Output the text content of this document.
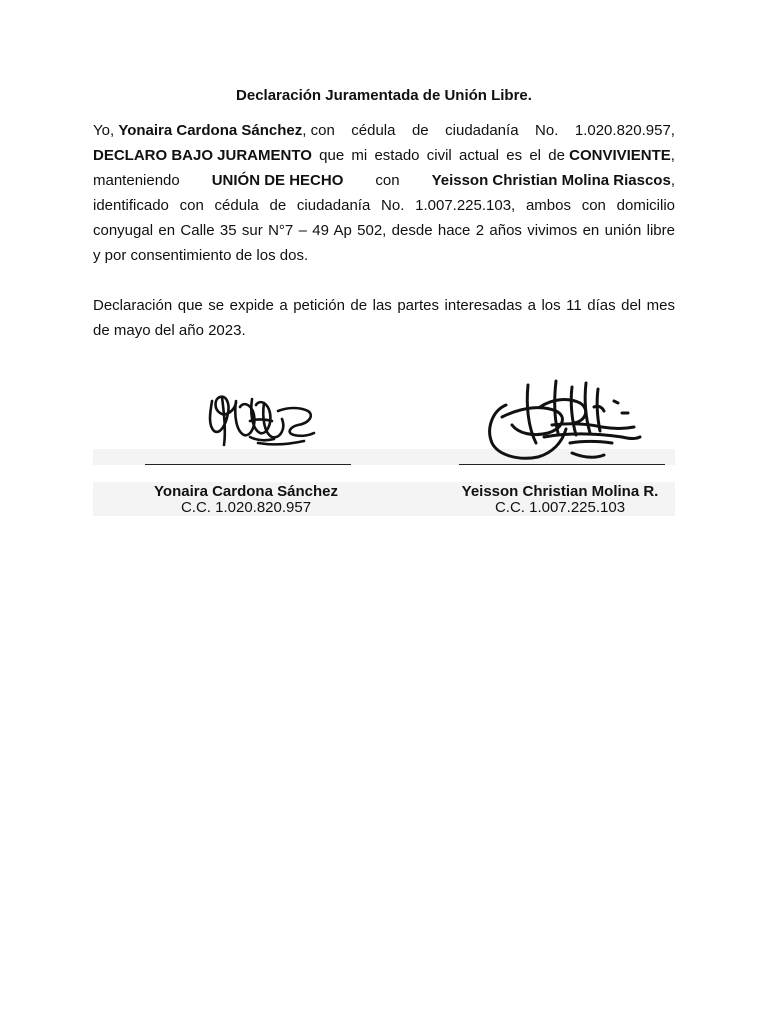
Declaración Juramentada de Unión Libre.
Yo, Yonaira Cardona Sánchez, con cédula de ciudadanía No. 1.020.820.957,
DECLARO BAJO JURAMENTO que mi estado civil actual es el de CONVIVIENTE,
manteniendo UNIÓN DE HECHO con Yeisson Christian Molina Riascos,
identificado con cédula de ciudadanía No. 1.007.225.103, ambos con domicilio
conyugal en Calle 35 sur N°7 – 49 Ap 502, desde hace 2 años vivimos en unión libre
y por consentimiento de los dos.
Declaración que se expide a petición de las partes interesadas a los 11 días del mes
de mayo del año 2023.
Yonaira Cardona Sánchez
C.C. 1.020.820.957
Yeisson Christian Molina R.
C.C. 1.007.225.103
